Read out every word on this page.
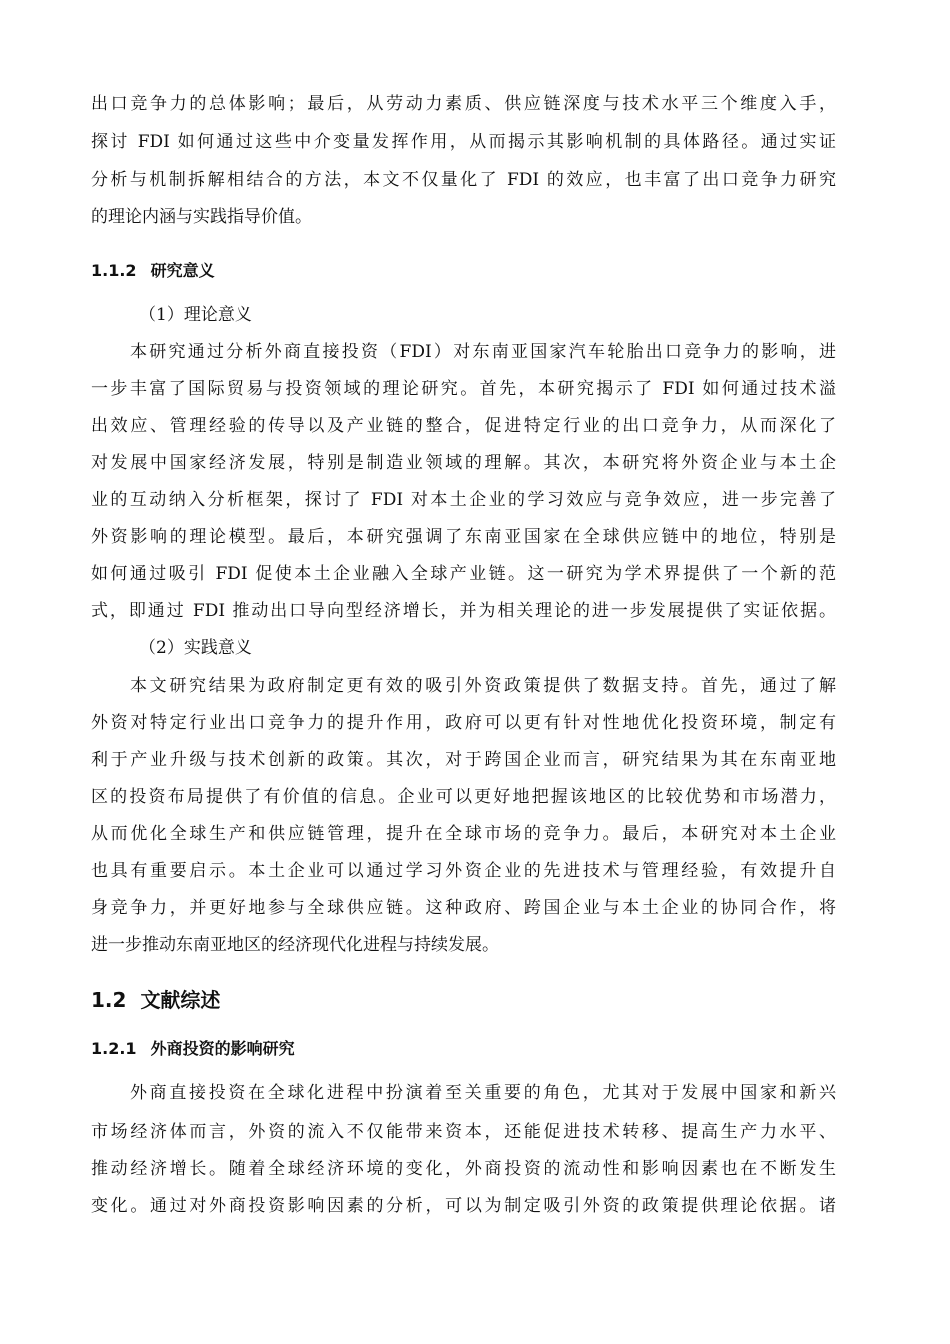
出口竞争力的总体影响；最后，从劳动力素质、供应链深度与技术水平三个维度入手，
探讨 FDI 如何通过这些中介变量发挥作用，从而揭示其影响机制的具体路径。通过实证
分析与机制拆解相结合的方法，本文不仅量化了 FDI 的效应，也丰富了出口竞争力研究
的理论内涵与实践指导价值。
1.1.2 研究意义
（1）理论意义
本研究通过分析外商直接投资（FDI）对东南亚国家汽车轮胎出口竞争力的影响，进
一步丰富了国际贸易与投资领域的理论研究。首先，本研究揭示了 FDI 如何通过技术溢
出效应、管理经验的传导以及产业链的整合，促进特定行业的出口竞争力，从而深化了
对发展中国家经济发展，特别是制造业领域的理解。其次，本研究将外资企业与本土企
业的互动纳入分析框架，探讨了 FDI 对本土企业的学习效应与竞争效应，进一步完善了
外资影响的理论模型。最后，本研究强调了东南亚国家在全球供应链中的地位，特别是
如何通过吸引 FDI 促使本土企业融入全球产业链。这一研究为学术界提供了一个新的范
式，即通过 FDI 推动出口导向型经济增长，并为相关理论的进一步发展提供了实证依据。
（2）实践意义
本文研究结果为政府制定更有效的吸引外资政策提供了数据支持。首先，通过了解
外资对特定行业出口竞争力的提升作用，政府可以更有针对性地优化投资环境，制定有
利于产业升级与技术创新的政策。其次，对于跨国企业而言，研究结果为其在东南亚地
区的投资布局提供了有价值的信息。企业可以更好地把握该地区的比较优势和市场潜力，
从而优化全球生产和供应链管理，提升在全球市场的竞争力。最后，本研究对本土企业
也具有重要启示。本土企业可以通过学习外资企业的先进技术与管理经验，有效提升自
身竞争力，并更好地参与全球供应链。这种政府、跨国企业与本土企业的协同合作，将
进一步推动东南亚地区的经济现代化进程与持续发展。
1.2 文献综述
1.2.1 外商投资的影响研究
外商直接投资在全球化进程中扮演着至关重要的角色，尤其对于发展中国家和新兴
市场经济体而言，外资的流入不仅能带来资本，还能促进技术转移、提高生产力水平、
推动经济增长。随着全球经济环境的变化，外商投资的流动性和影响因素也在不断发生
变化。通过对外商投资影响因素的分析，可以为制定吸引外资的政策提供理论依据。诸
